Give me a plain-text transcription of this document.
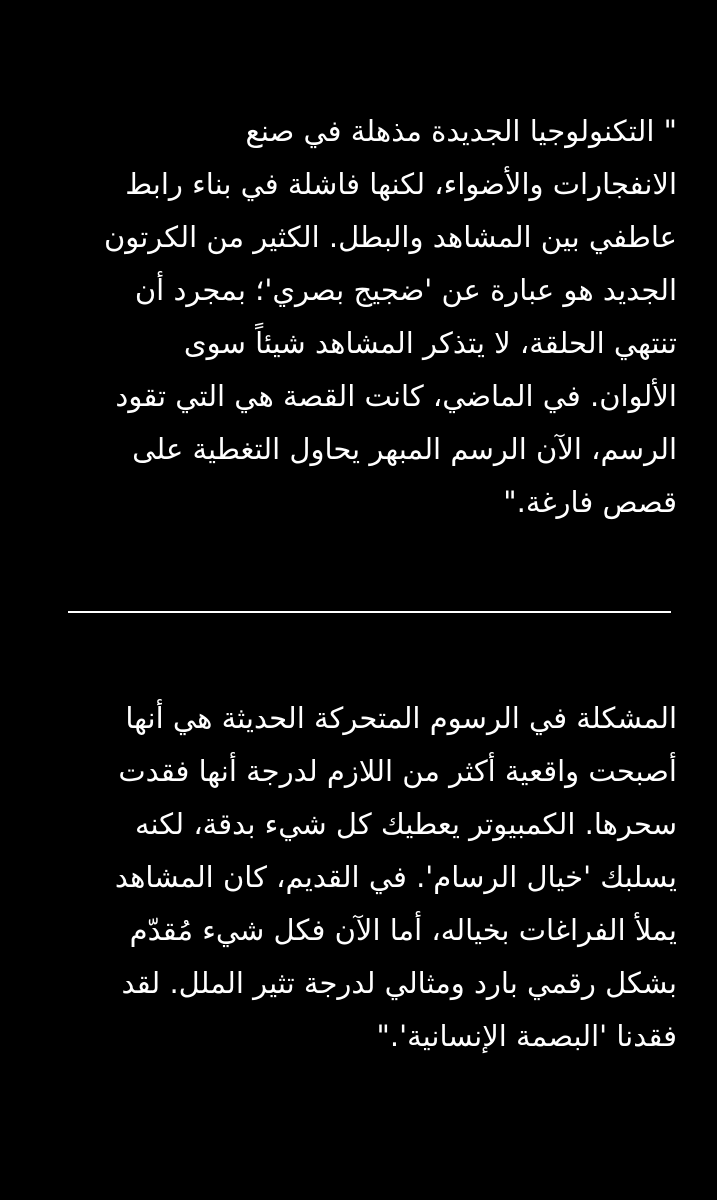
" التكنولوجيا الجديدة مذهلة في صنع
الانفجارات والأضواء، لكنها فاشلة في بناء رابط
عاطفي بين المشاهد والبطل. الكثير من الكرتون
الجديد هو عبارة عن 'ضجيج بصري'؛ بمجرد أن
تنتهي الحلقة، لا يتذكر المشاهد شيئاً سوى
الألوان. في الماضي، كانت القصة هي التي تقود
الرسم، الآن الرسم المبهر يحاول التغطية على
قصص فارغة."
المشكلة في الرسوم المتحركة الحديثة هي أنها
أصبحت واقعية أكثر من اللازم لدرجة أنها فقدت
سحرها. الكمبيوتر يعطيك كل شيء بدقة، لكنه
يسلبك 'خيال الرسام'. في القديم، كان المشاهد
يملأ الفراغات بخياله، أما الآن فكل شيء مُقدّم
بشكل رقمي بارد ومثالي لدرجة تثير الملل. لقد
فقدنا 'البصمة الإنسانية'."
